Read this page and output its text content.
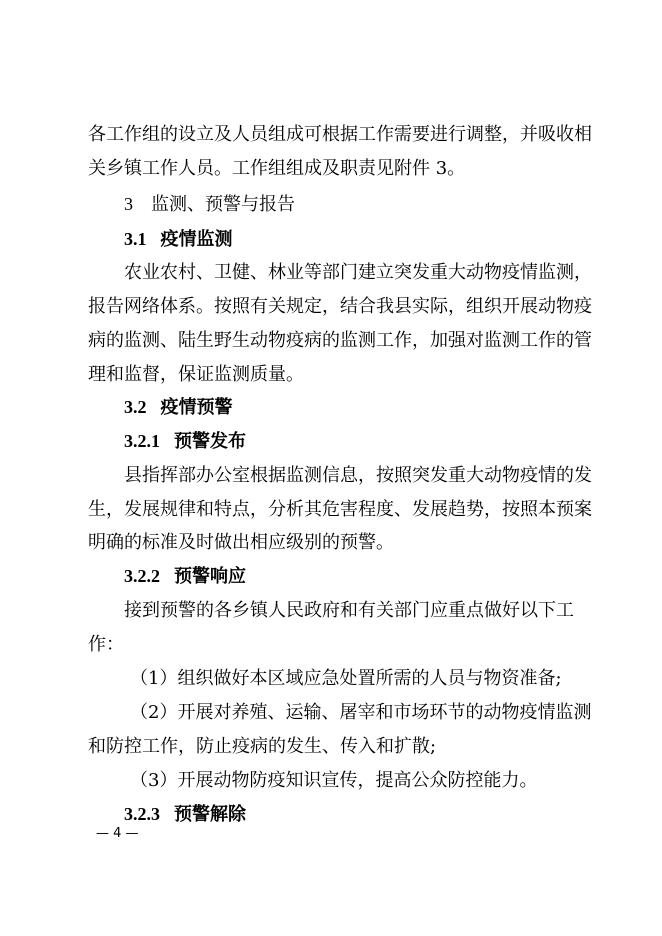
各工作组的设立及人员组成可根据工作需要进行调整，并吸收相
关乡镇工作人员。工作组组成及职责见附件 3。
3 监测、预警与报告
3.1 疫情监测
农业农村、卫健、林业等部门建立突发重大动物疫情监测，
报告网络体系。按照有关规定，结合我县实际，组织开展动物疫
病的监测、陆生野生动物疫病的监测工作，加强对监测工作的管
理和监督，保证监测质量。
3.2 疫情预警
3.2.1 预警发布
县指挥部办公室根据监测信息，按照突发重大动物疫情的发
生，发展规律和特点，分析其危害程度、发展趋势，按照本预案
明确的标准及时做出相应级别的预警。
3.2.2 预警响应
接到预警的各乡镇人民政府和有关部门应重点做好以下工
作：
（1）组织做好本区域应急处置所需的人员与物资准备;
（2）开展对养殖、运输、屠宰和市场环节的动物疫情监测
和防控工作，防止疫病的发生、传入和扩散;
（3）开展动物防疫知识宣传，提高公众防控能力。
3.2.3 预警解除
— 4 —
